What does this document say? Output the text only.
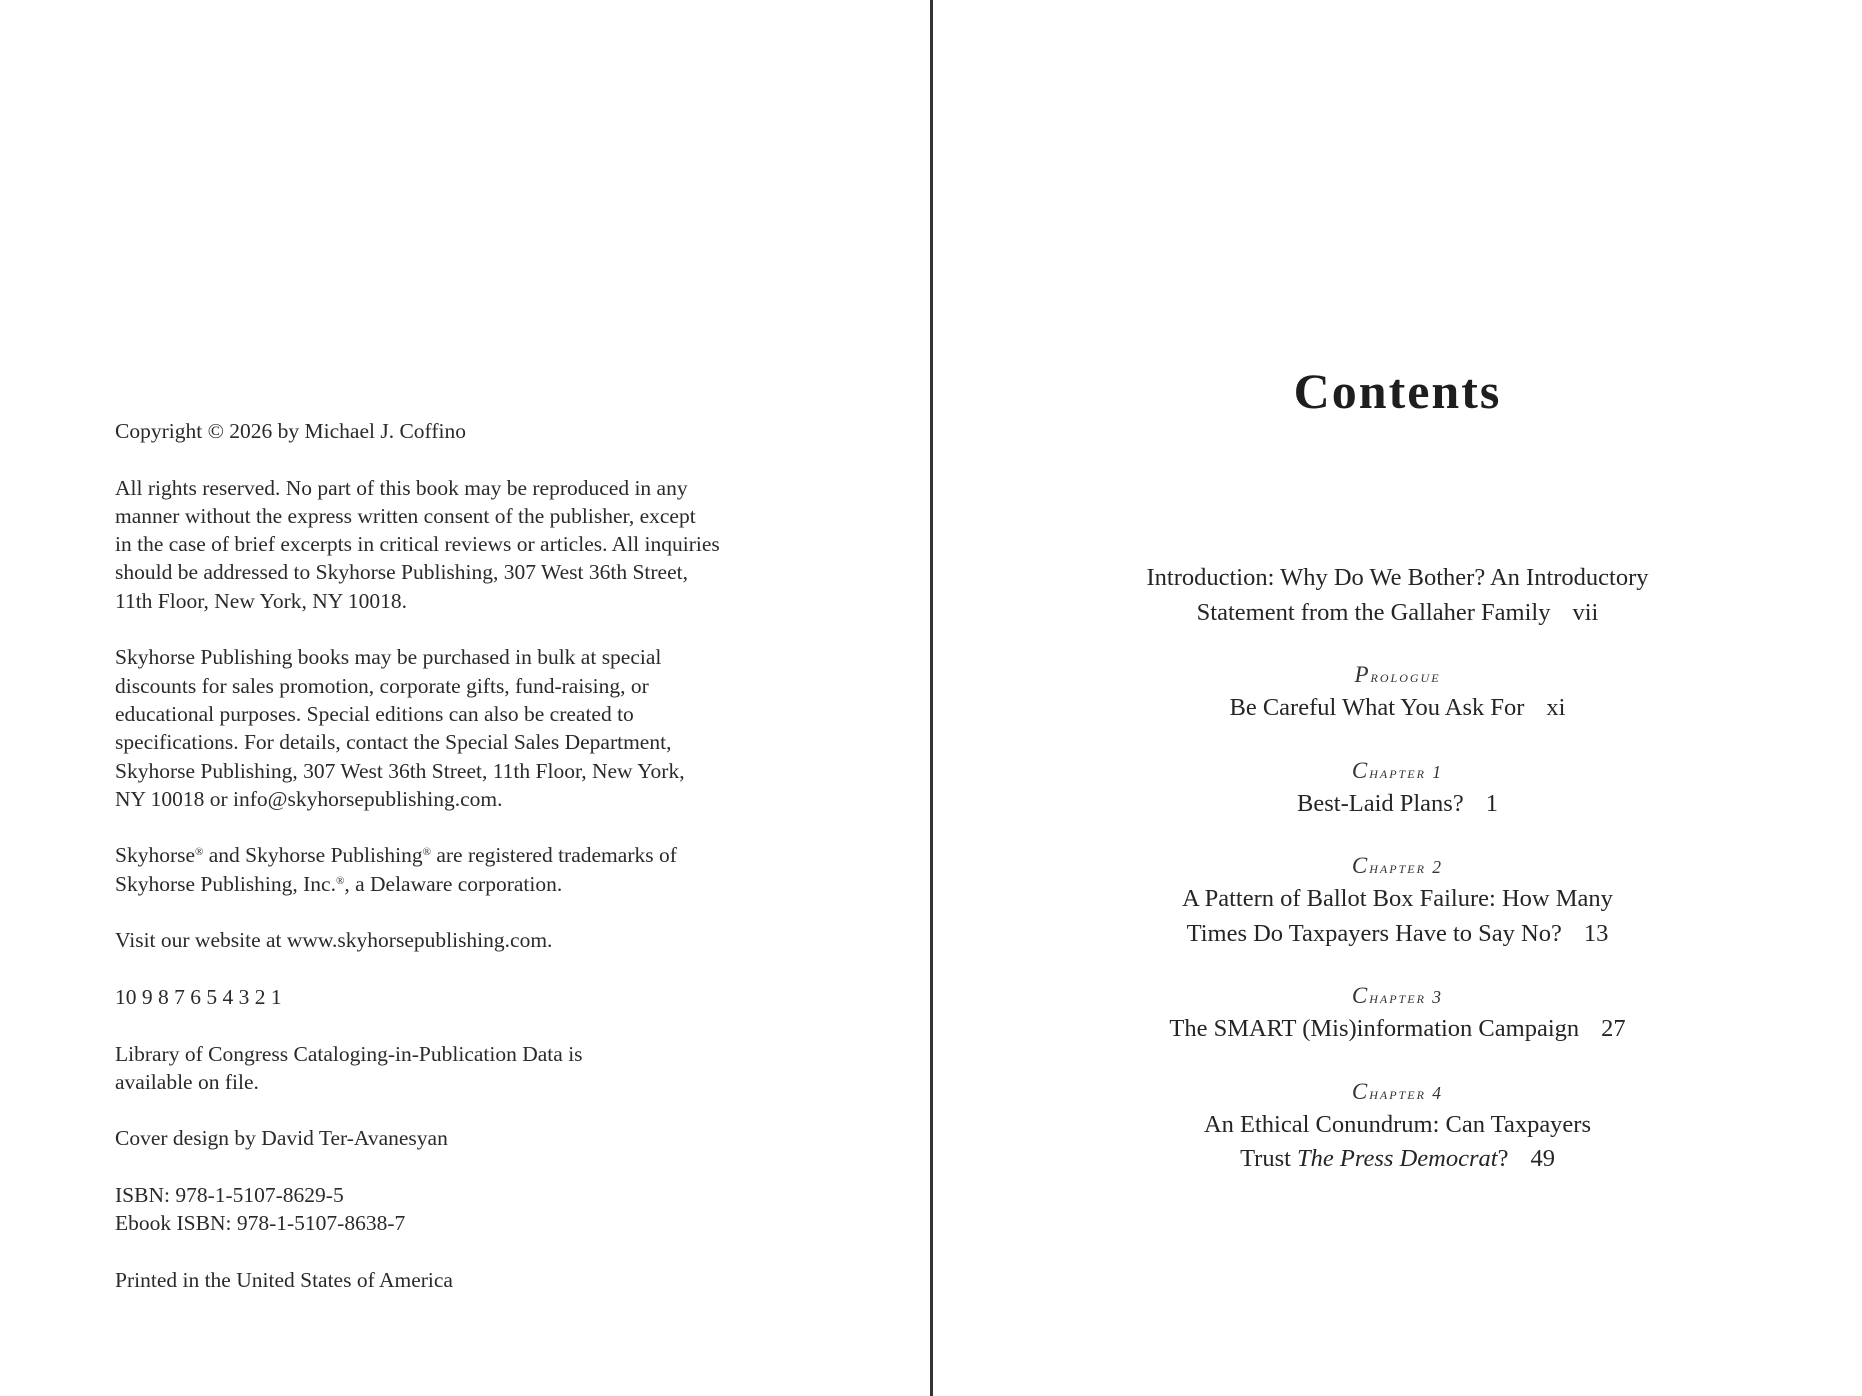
Copyright © 2026 by Michael J. Coffino

All rights reserved. No part of this book may be reproduced in any
manner without the express written consent of the publisher, except
in the case of brief excerpts in critical reviews or articles. All inquiries
should be addressed to Skyhorse Publishing, 307 West 36th Street,
11th Floor, New York, NY 10018.

Skyhorse Publishing books may be purchased in bulk at special
discounts for sales promotion, corporate gifts, fund-raising, or
educational purposes. Special editions can also be created to
specifications. For details, contact the Special Sales Department,
Skyhorse Publishing, 307 West 36th Street, 11th Floor, New York,
NY 10018 or info@skyhorsepublishing.com.

Skyhorse® and Skyhorse Publishing® are registered trademarks of
Skyhorse Publishing, Inc.®, a Delaware corporation.

Visit our website at www.skyhorsepublishing.com.

10 9 8 7 6 5 4 3 2 1

Library of Congress Cataloging-in-Publication Data is
available on file.

Cover design by David Ter-Avanesyan

ISBN: 978-1-5107-8629-5
Ebook ISBN: 978-1-5107-8638-7

Printed in the United States of America

Contents
Introduction: Why Do We Bother? An Introductory
Statement from the Gallaher Family vii
Prologue
Be Careful What You Ask For xi
Chapter 1
Best-Laid Plans? 1
Chapter 2
A Pattern of Ballot Box Failure: How Many
Times Do Taxpayers Have to Say No? 13
Chapter 3
The SMART (Mis)information Campaign 27
Chapter 4
An Ethical Conundrum: Can Taxpayers
Trust The Press Democrat? 49
